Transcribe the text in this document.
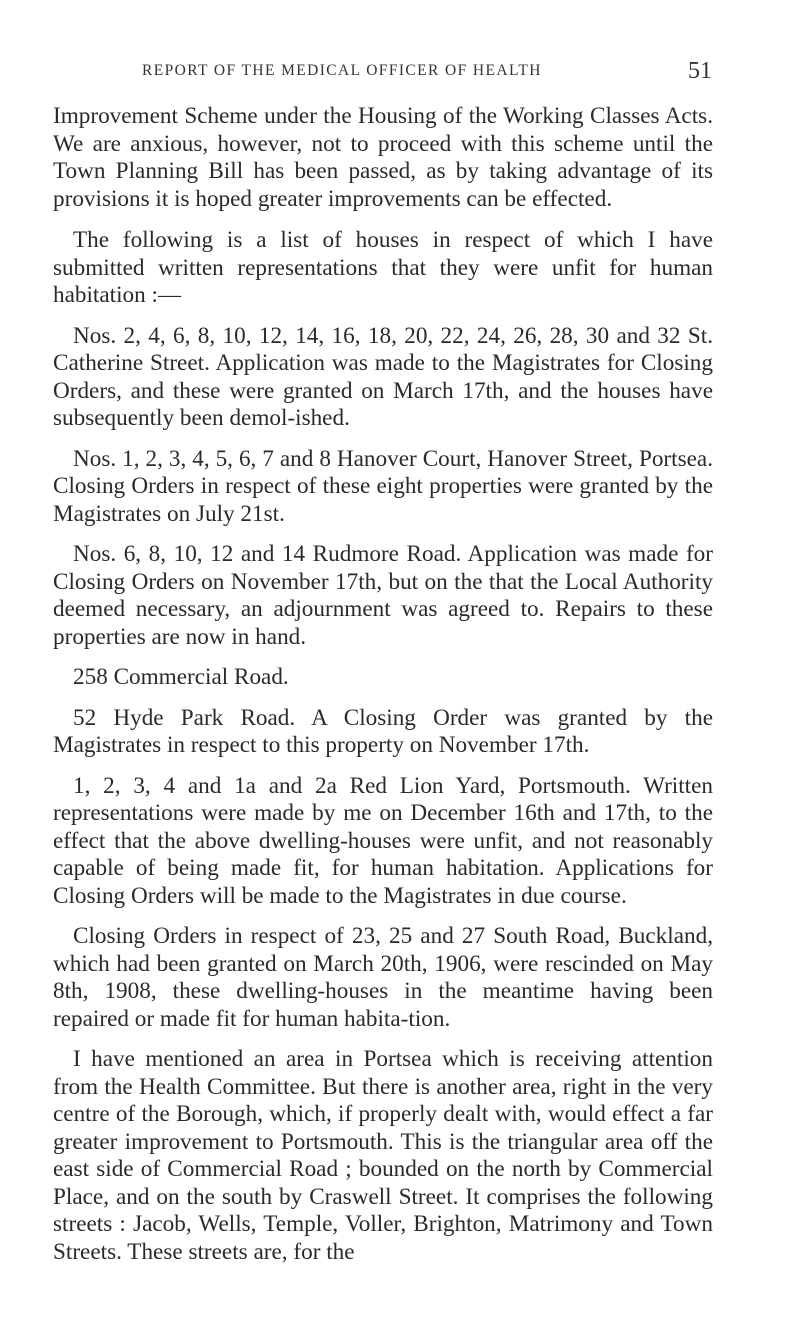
REPORT OF THE MEDICAL OFFICER OF HEALTH	51

Improvement Scheme under the Housing of the Working Classes Acts. We are anxious, however, not to proceed with this scheme until the Town Planning Bill has been passed, as by taking advantage of its provisions it is hoped greater improvements can be effected.

The following is a list of houses in respect of which I have submitted written representations that they were unfit for human habitation :—

Nos. 2, 4, 6, 8, 10, 12, 14, 16, 18, 20, 22, 24, 26, 28, 30 and 32 St. Catherine Street. Application was made to the Magistrates for Closing Orders, and these were granted on March 17th, and the houses have subsequently been demol-ished.

Nos. 1, 2, 3, 4, 5, 6, 7 and 8 Hanover Court, Hanover Street, Portsea. Closing Orders in respect of these eight properties were granted by the Magistrates on July 21st.

Nos. 6, 8, 10, 12 and 14 Rudmore Road. Application was made for Closing Orders on November 17th, but on the that the Local Authority deemed necessary, an adjournment was agreed to. Repairs to these properties are now in hand.

258 Commercial Road.

52 Hyde Park Road. A Closing Order was granted by the Magistrates in respect to this property on November 17th.

1, 2, 3, 4 and 1a and 2a Red Lion Yard, Portsmouth. Written representations were made by me on December 16th and 17th, to the effect that the above dwelling-houses were unfit, and not reasonably capable of being made fit, for human habitation. Applications for Closing Orders will be made to the Magistrates in due course.

Closing Orders in respect of 23, 25 and 27 South Road, Buckland, which had been granted on March 20th, 1906, were rescinded on May 8th, 1908, these dwelling-houses in the meantime having been repaired or made fit for human habita-tion.

I have mentioned an area in Portsea which is receiving attention from the Health Committee. But there is another area, right in the very centre of the Borough, which, if properly dealt with, would effect a far greater improvement to Portsmouth. This is the triangular area off the east side of Commercial Road ; bounded on the north by Commercial Place, and on the south by Craswell Street. It comprises the following streets : Jacob, Wells, Temple, Voller, Brighton, Matrimony and Town Streets. These streets are, for the
